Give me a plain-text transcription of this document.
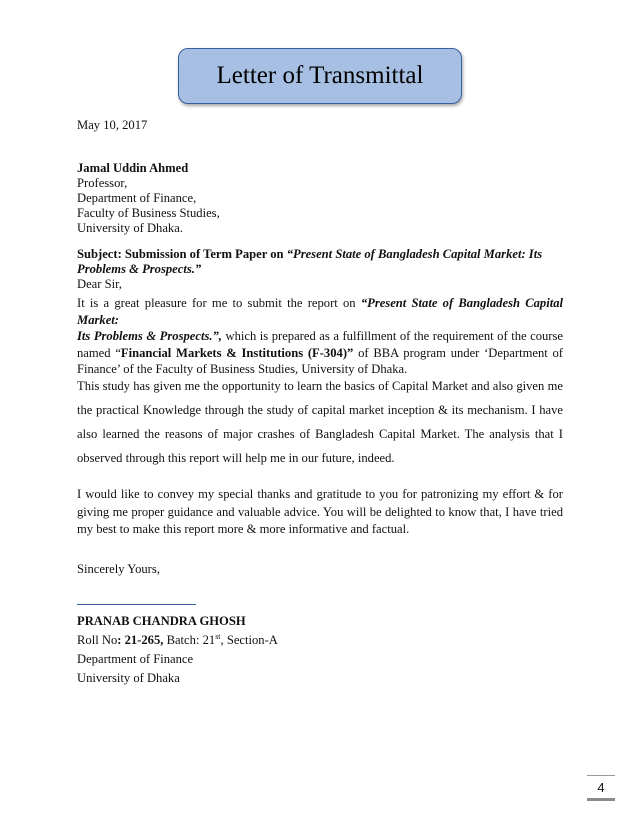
Letter of Transmittal
May 10, 2017
Jamal Uddin Ahmed
Professor,
Department of Finance,
Faculty of Business Studies,
University of Dhaka.
Subject: Submission of Term Paper on “Present State of Bangladesh Capital Market: Its
Problems & Prospects.”
Dear Sir,
It is a great pleasure for me to submit the report on “Present State of Bangladesh Capital Market:
Its Problems & Prospects.”, which is prepared as a fulfillment of the requirement of the course
named “Financial Markets & Institutions (F-304)” of BBA program under ‘Department of
Finance’ of the Faculty of Business Studies, University of Dhaka.
This study has given me the opportunity to learn the basics of Capital Market and also given me
the practical Knowledge through the study of capital market inception & its mechanism. I have
also learned the reasons of major crashes of Bangladesh Capital Market. The analysis that I
observed through this report will help me in our future, indeed.
I would like to convey my special thanks and gratitude to you for patronizing my effort & for
giving me proper guidance and valuable advice. You will be delighted to know that, I have tried
my best to make this report more & more informative and factual.
Sincerely Yours,
PRANAB CHANDRA GHOSH
Roll No: 21-265, Batch: 21st, Section-A
Department of Finance
University of Dhaka
4
